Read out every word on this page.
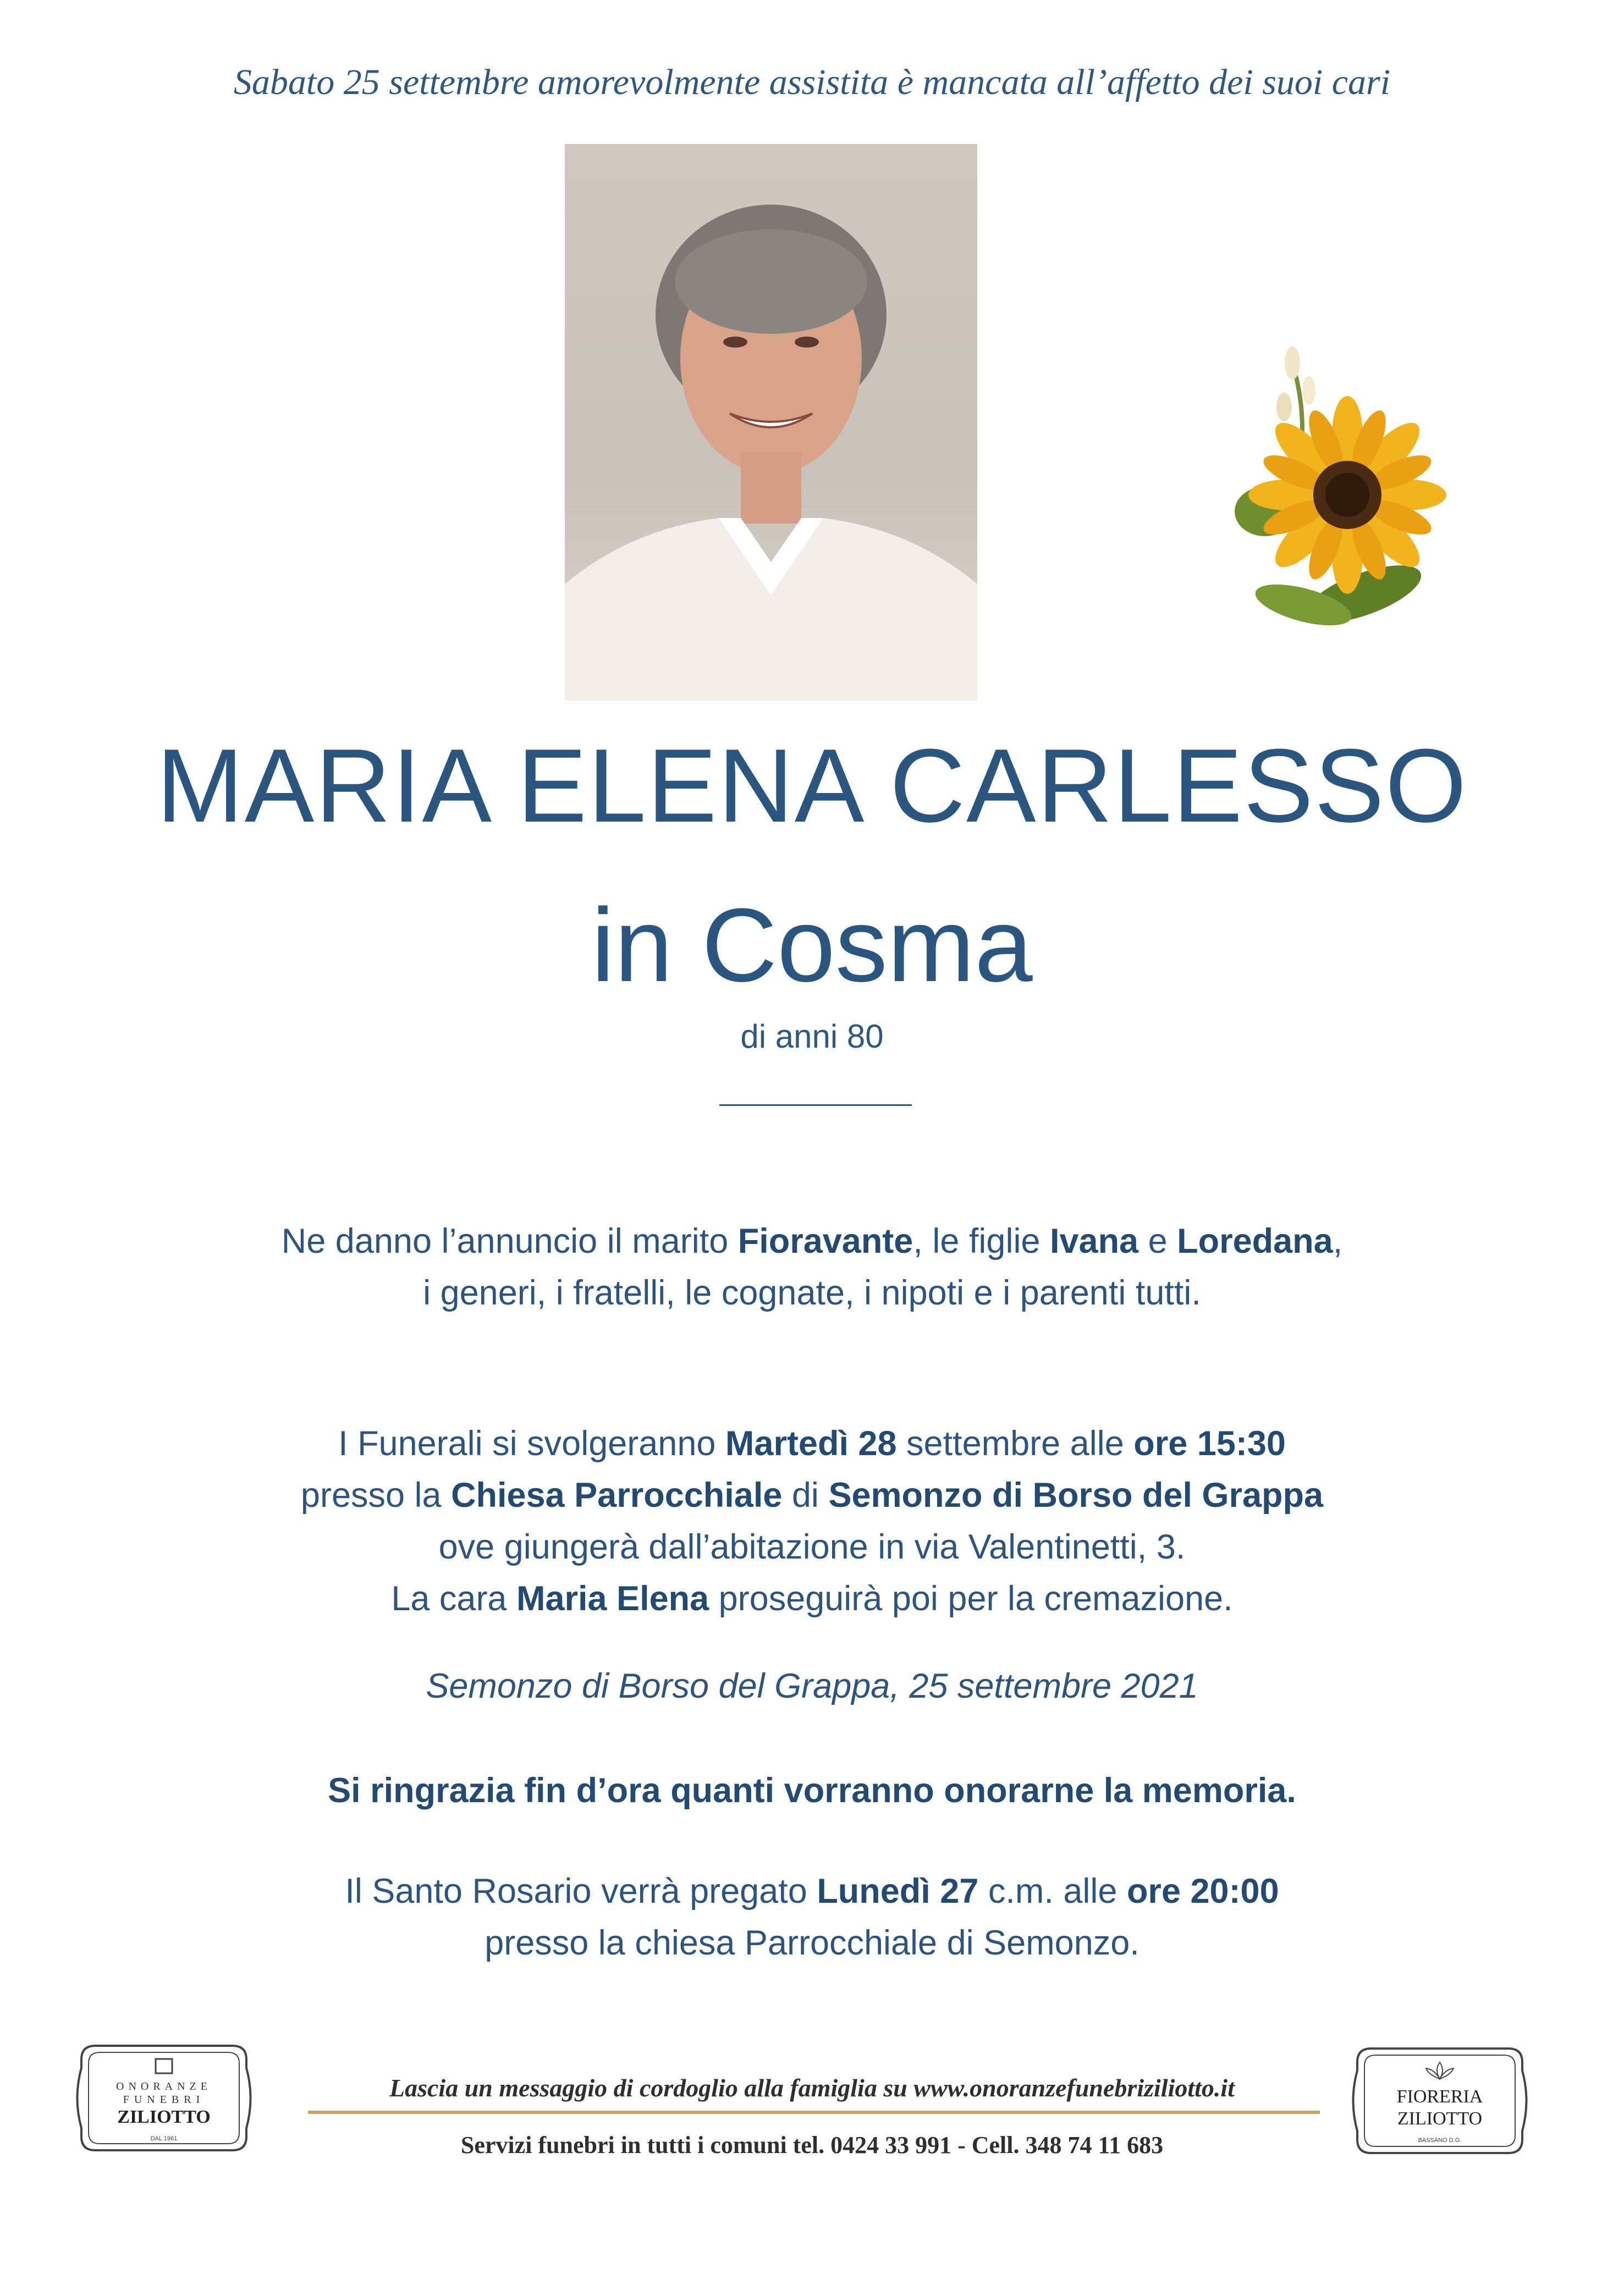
Sabato 25 settembre amorevolmente assistita è mancata all’affetto dei suoi cari
MARIA ELENA CARLESSO
in Cosma
di anni 80
Ne danno l’annuncio il marito Fioravante, le figlie Ivana e Loredana,
i generi, i fratelli, le cognate, i nipoti e i parenti tutti.
I Funerali si svolgeranno Martedì 28 settembre alle ore 15:30
presso la Chiesa Parrocchiale di Semonzo di Borso del Grappa
ove giungerà dall’abitazione in via Valentinetti, 3.
La cara Maria Elena proseguirà poi per la cremazione.
Semonzo di Borso del Grappa, 25 settembre 2021
Si ringrazia fin d’ora quanti vorranno onorarne la memoria.
Il Santo Rosario verrà pregato Lunedì 27 c.m. alle ore 20:00
presso la chiesa Parrocchiale di Semonzo.
ONORANZE
FUNEBRI
ZILIOTTO
DAL 1961
Lascia un messaggio di cordoglio alla famiglia su www.onoranzefunebriziliotto.it
Servizi funebri in tutti i comuni tel. 0424 33 991 - Cell. 348 74 11 683
FIORERIA
ZILIOTTO
BASSANO D.G.
